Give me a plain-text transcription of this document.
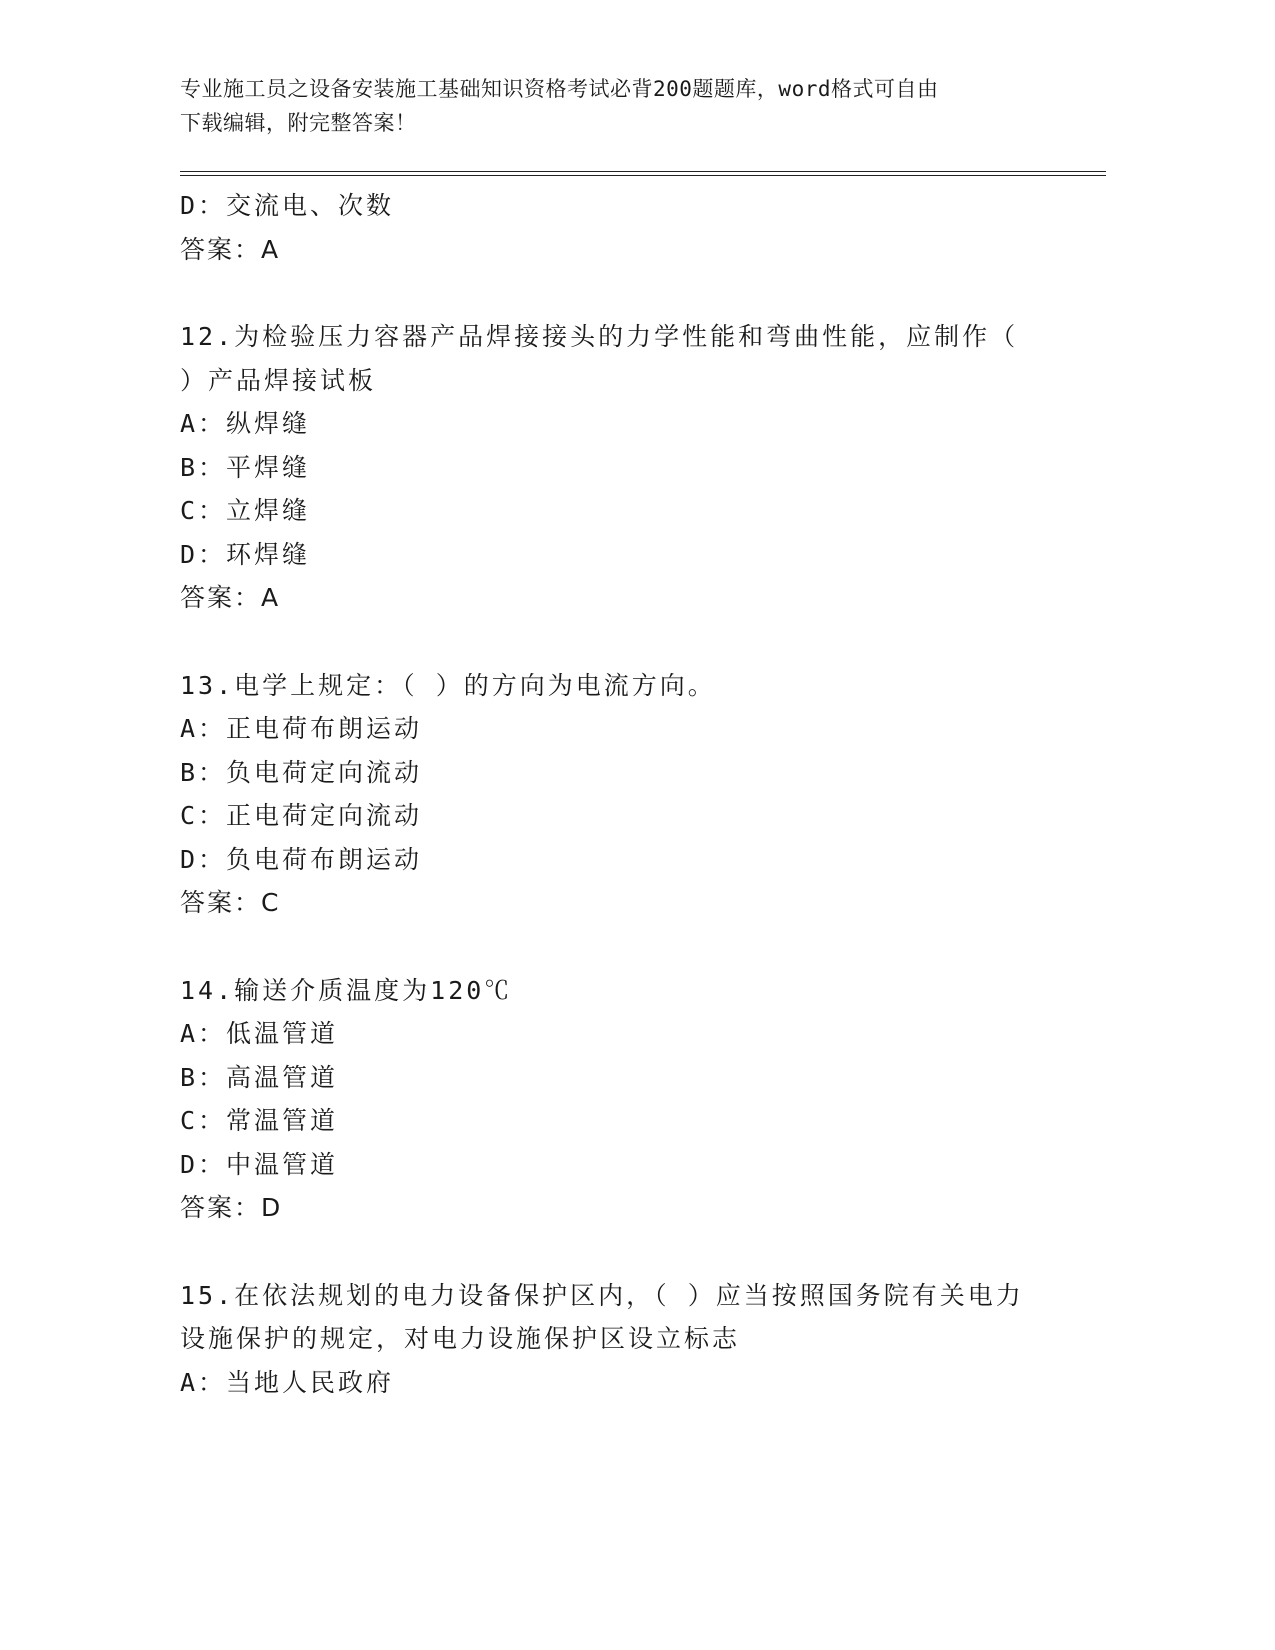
专业施工员之设备安装施工基础知识资格考试必背200题题库，word格式可自由
下载编辑，附完整答案！
D：交流电、次数
答案：A
12.为检验压力容器产品焊接接头的力学性能和弯曲性能，应制作（
）产品焊接试板
A：纵焊缝
B：平焊缝
C：立焊缝
D：环焊缝
答案：A
13.电学上规定：（ ）的方向为电流方向。
A：正电荷布朗运动
B：负电荷定向流动
C：正电荷定向流动
D：负电荷布朗运动
答案：C
14.输送介质温度为120℃
A：低温管道
B：高温管道
C：常温管道
D：中温管道
答案：D
15.在依法规划的电力设备保护区内，（ ）应当按照国务院有关电力
设施保护的规定，对电力设施保护区设立标志
A：当地人民政府
